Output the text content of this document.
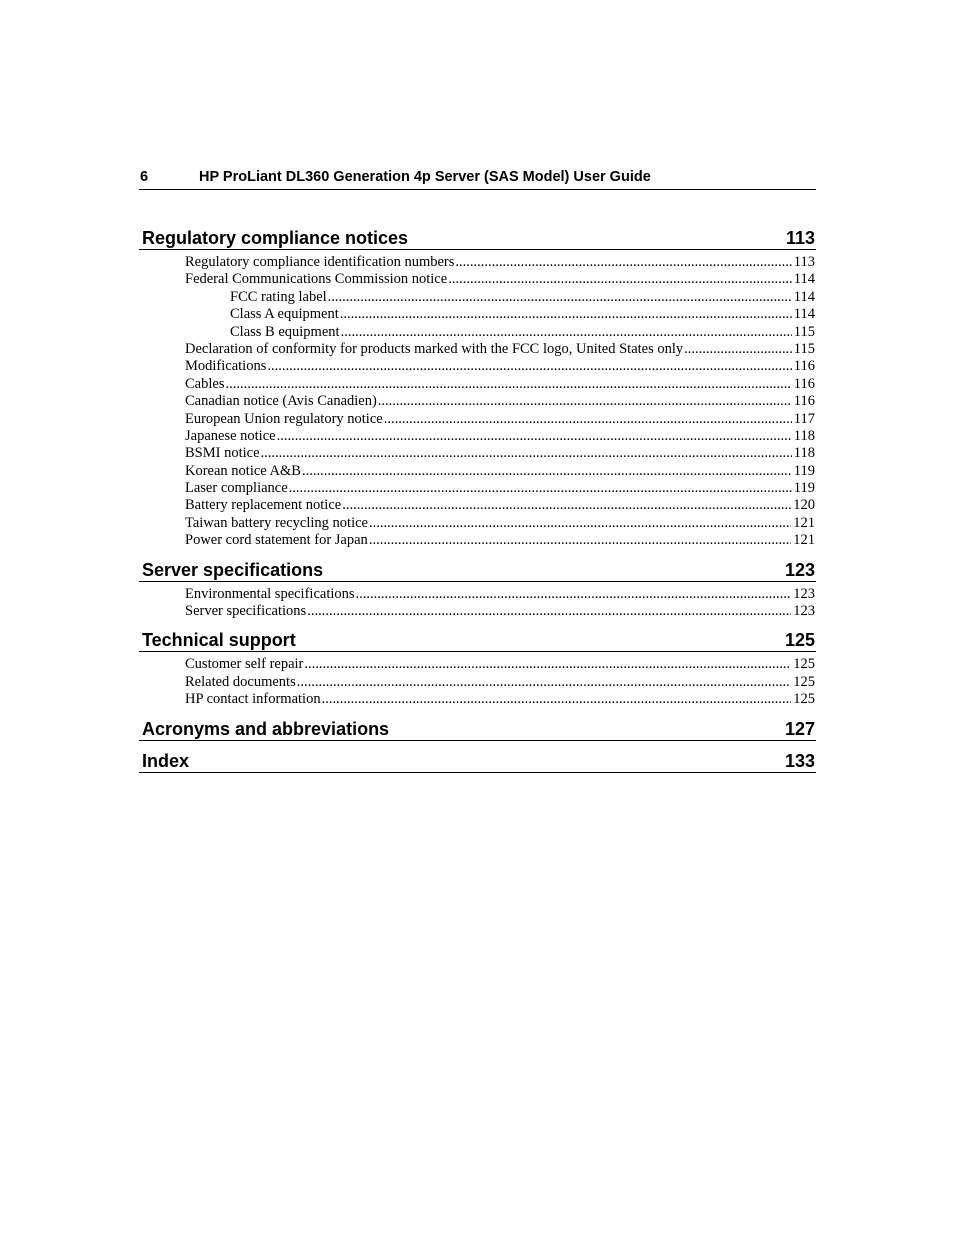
6	HP ProLiant DL360 Generation 4p Server (SAS Model) User Guide
Regulatory compliance notices	113
Regulatory compliance identification numbers .....	113
Federal Communications Commission notice .....	114
FCC rating label .....	114
Class A equipment .....	114
Class B equipment .....	115
Declaration of conformity for products marked with the FCC logo, United States only .....	115
Modifications .....	116
Cables .....	116
Canadian notice (Avis Canadien) .....	116
European Union regulatory notice .....	117
Japanese notice .....	118
BSMI notice .....	118
Korean notice A&B .....	119
Laser compliance .....	119
Battery replacement notice .....	120
Taiwan battery recycling notice .....	121
Power cord statement for Japan .....	121
Server specifications	123
Environmental specifications .....	123
Server specifications .....	123
Technical support	125
Customer self repair .....	125
Related documents .....	125
HP contact information .....	125
Acronyms and abbreviations	127
Index	133
